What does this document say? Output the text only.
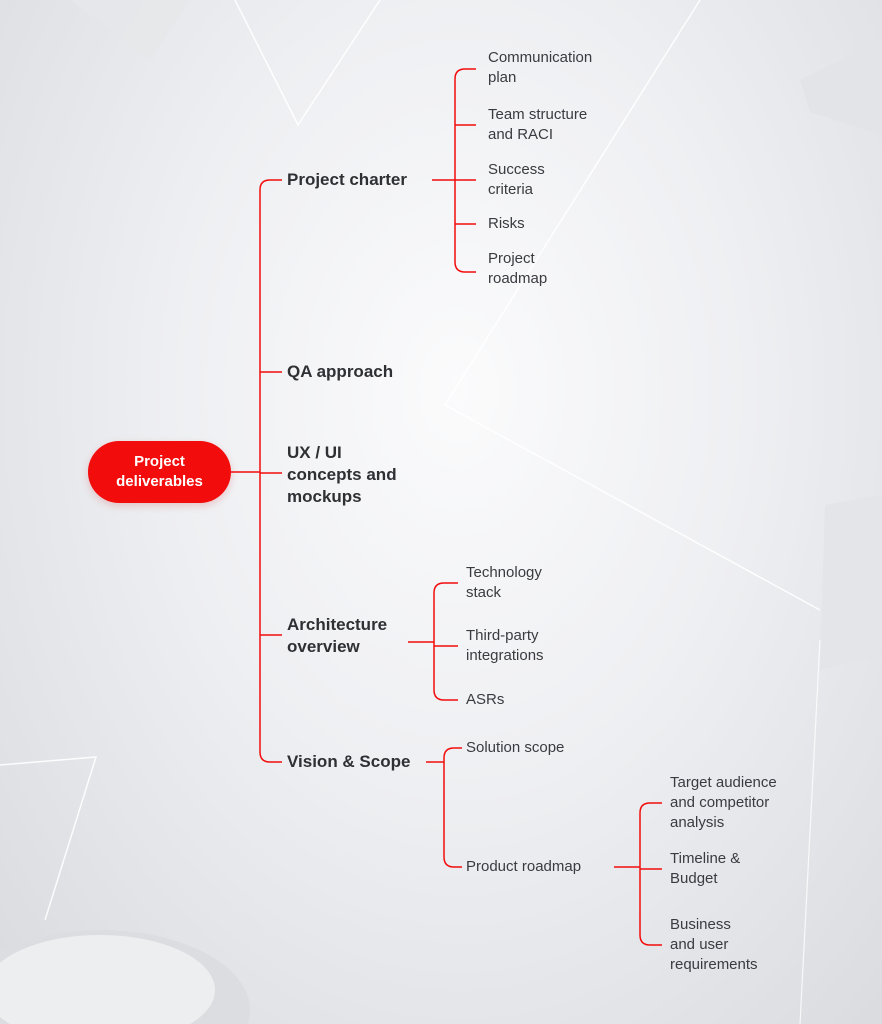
Project
deliverables
Project charter
QA approach
UX / UI
concepts and
mockups
Architecture
overview
Vision & Scope
Communication
plan
Team structure
and RACI
Success
criteria
Risks
Project
roadmap
Technology
stack
Third-party
integrations
ASRs
Solution scope
Product roadmap
Target audience
and competitor
analysis
Timeline &
Budget
Business
and user
requirements
